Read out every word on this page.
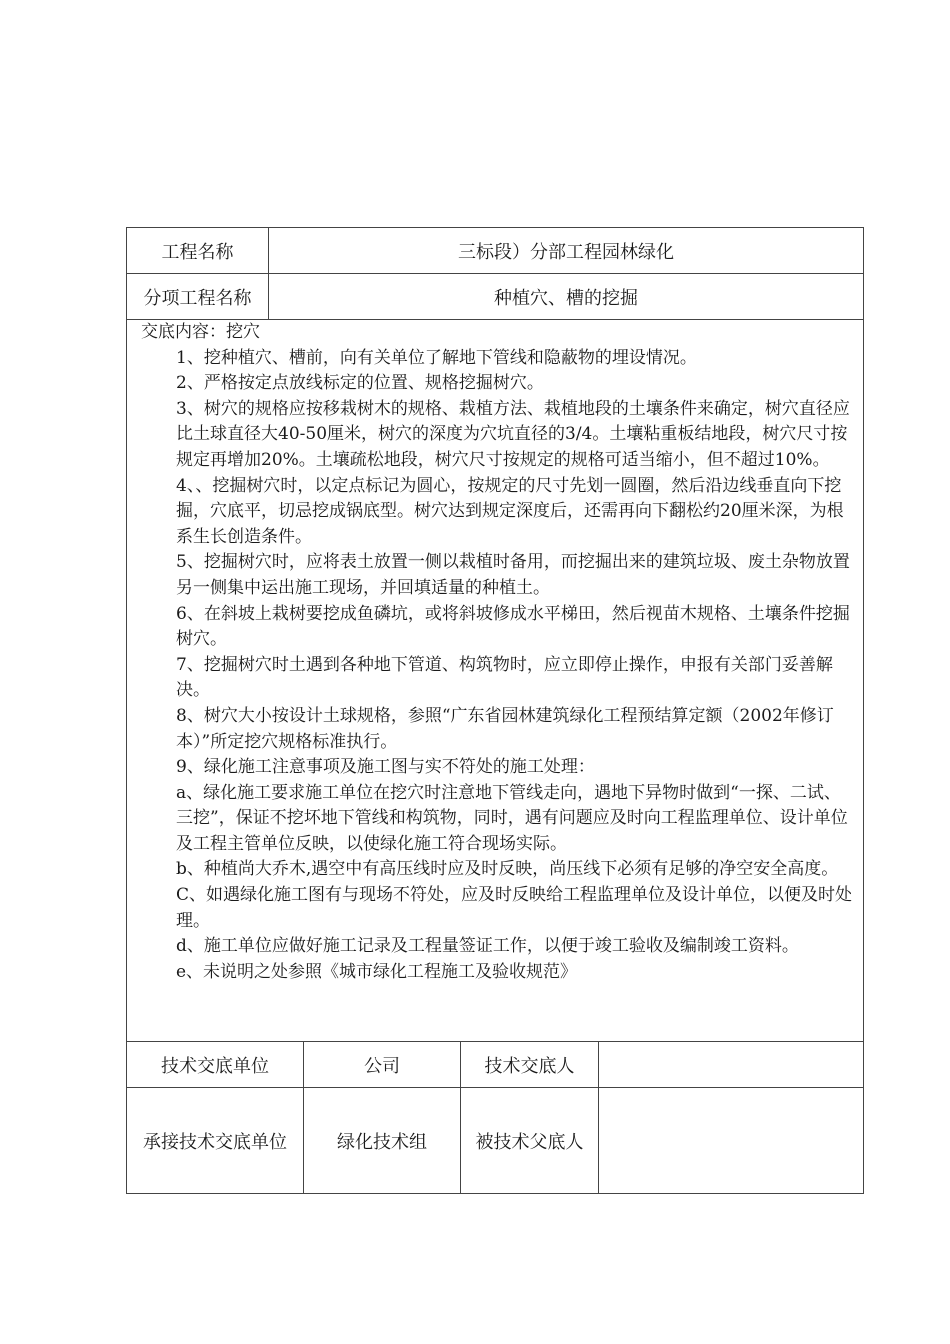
工程名称	三标段）分部工程园林绿化
分项工程名称	种植穴、槽的挖掘

交底内容：挖穴

1、挖种植穴、槽前，向有关单位了解地下管线和隐蔽物的埋设情况。

2、严格按定点放线标定的位置、规格挖掘树穴。

3、树穴的规格应按移栽树木的规格、栽植方法、栽植地段的土壤条件来确定，树穴直径应比土球直径大40-50厘米，树穴的深度为穴坑直径的3/4。土壤粘重板结地段，树穴尺寸按规定再增加20%。土壤疏松地段，树穴尺寸按规定的规格可适当缩小，但不超过10%。

4、、挖掘树穴时，以定点标记为圆心，按规定的尺寸先划一圆圈，然后沿边线垂直向下挖掘，穴底平，切忌挖成锅底型。树穴达到规定深度后，还需再向下翻松约20厘米深，为根系生长创造条件。

5、挖掘树穴时，应将表土放置一侧以栽植时备用，而挖掘出来的建筑垃圾、废土杂物放置另一侧集中运出施工现场，并回填适量的种植土。

6、在斜坡上栽树要挖成鱼磷坑，或将斜坡修成水平梯田，然后视苗木规格、土壤条件挖掘树穴。

7、挖掘树穴时土遇到各种地下管道、构筑物时，应立即停止操作，申报有关部门妥善解决。

8、树穴大小按设计土球规格，参照“广东省园林建筑绿化工程预结算定额（2002年修订本）”所定挖穴规格标准执行。

9、绿化施工注意事项及施工图与实不符处的施工处理：

a、绿化施工要求施工单位在挖穴时注意地下管线走向，遇地下异物时做到“一探、二试、三挖”，保证不挖坏地下管线和构筑物，同时，遇有问题应及时向工程监理单位、设计单位及工程主管单位反映，以使绿化施工符合现场实际。

b、种植尚大乔木,遇空中有高压线时应及时反映，尚压线下必须有足够的净空安全高度。

C、如遇绿化施工图有与现场不符处，应及时反映给工程监理单位及设计单位，以便及时处理。

d、施工单位应做好施工记录及工程量签证工作，以便于竣工验收及编制竣工资料。

e、未说明之处参照《城市绿化工程施工及验收规范》

技术交底单位	公司	技术交底人
承接技术交底单位	绿化技术组	被技术父底人
